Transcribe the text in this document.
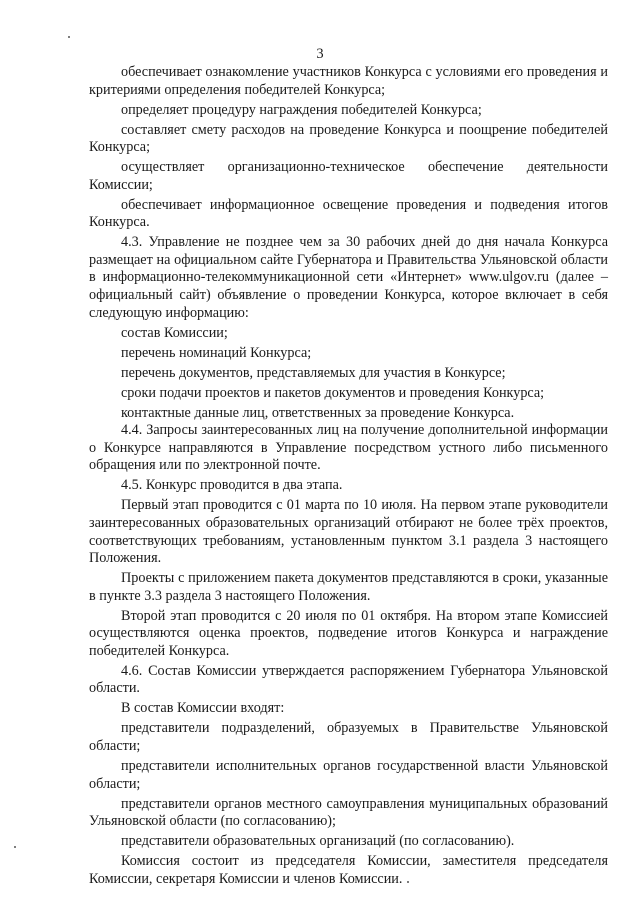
3

обеспечивает ознакомление участников Конкурса с условиями его проведения и критериями определения победителей Конкурса;

определяет процедуру награждения победителей Конкурса;

составляет смету расходов на проведение Конкурса и поощрение победителей Конкурса;

осуществляет организационно-техническое обеспечение деятельности Комиссии;

обеспечивает информационное освещение проведения и подведения итогов Конкурса.

4.3. Управление не позднее чем за 30 рабочих дней до дня начала Конкурса размещает на официальном сайте Губернатора и Правительства Ульяновской области в информационно-телекоммуникационной сети «Интернет» www.ulgov.ru (далее – официальный сайт) объявление о проведении Конкурса, которое включает в себя следующую информацию:

состав Комиссии;

перечень номинаций Конкурса;

перечень документов, представляемых для участия в Конкурсе;

сроки подачи проектов и пакетов документов и проведения Конкурса;

контактные данные лиц, ответственных за проведение Конкурса.

4.4. Запросы заинтересованных лиц на получение дополнительной информации о Конкурсе направляются в Управление посредством устного либо письменного обращения или по электронной почте.

4.5. Конкурс проводится в два этапа.

Первый этап проводится с 01 марта по 10 июля. На первом этапе руководители заинтересованных образовательных организаций отбирают не более трёх проектов, соответствующих требованиям, установленным пунктом 3.1 раздела 3 настоящего Положения.

Проекты с приложением пакета документов представляются в сроки, указанные в пункте 3.3 раздела 3 настоящего Положения.

Второй этап проводится с 20 июля по 01 октября. На втором этапе Комиссией осуществляются оценка проектов, подведение итогов Конкурса и награждение победителей Конкурса.

4.6. Состав Комиссии утверждается распоряжением Губернатора Ульяновской области.

В состав Комиссии входят:

представители подразделений, образуемых в Правительстве Ульяновской области;

представители исполнительных органов государственной власти Ульяновской области;

представители органов местного самоуправления муниципальных образований Ульяновской области (по согласованию);

представители образовательных организаций (по согласованию).

Комиссия состоит из председателя Комиссии, заместителя председателя Комиссии, секретаря Комиссии и членов Комиссии.
